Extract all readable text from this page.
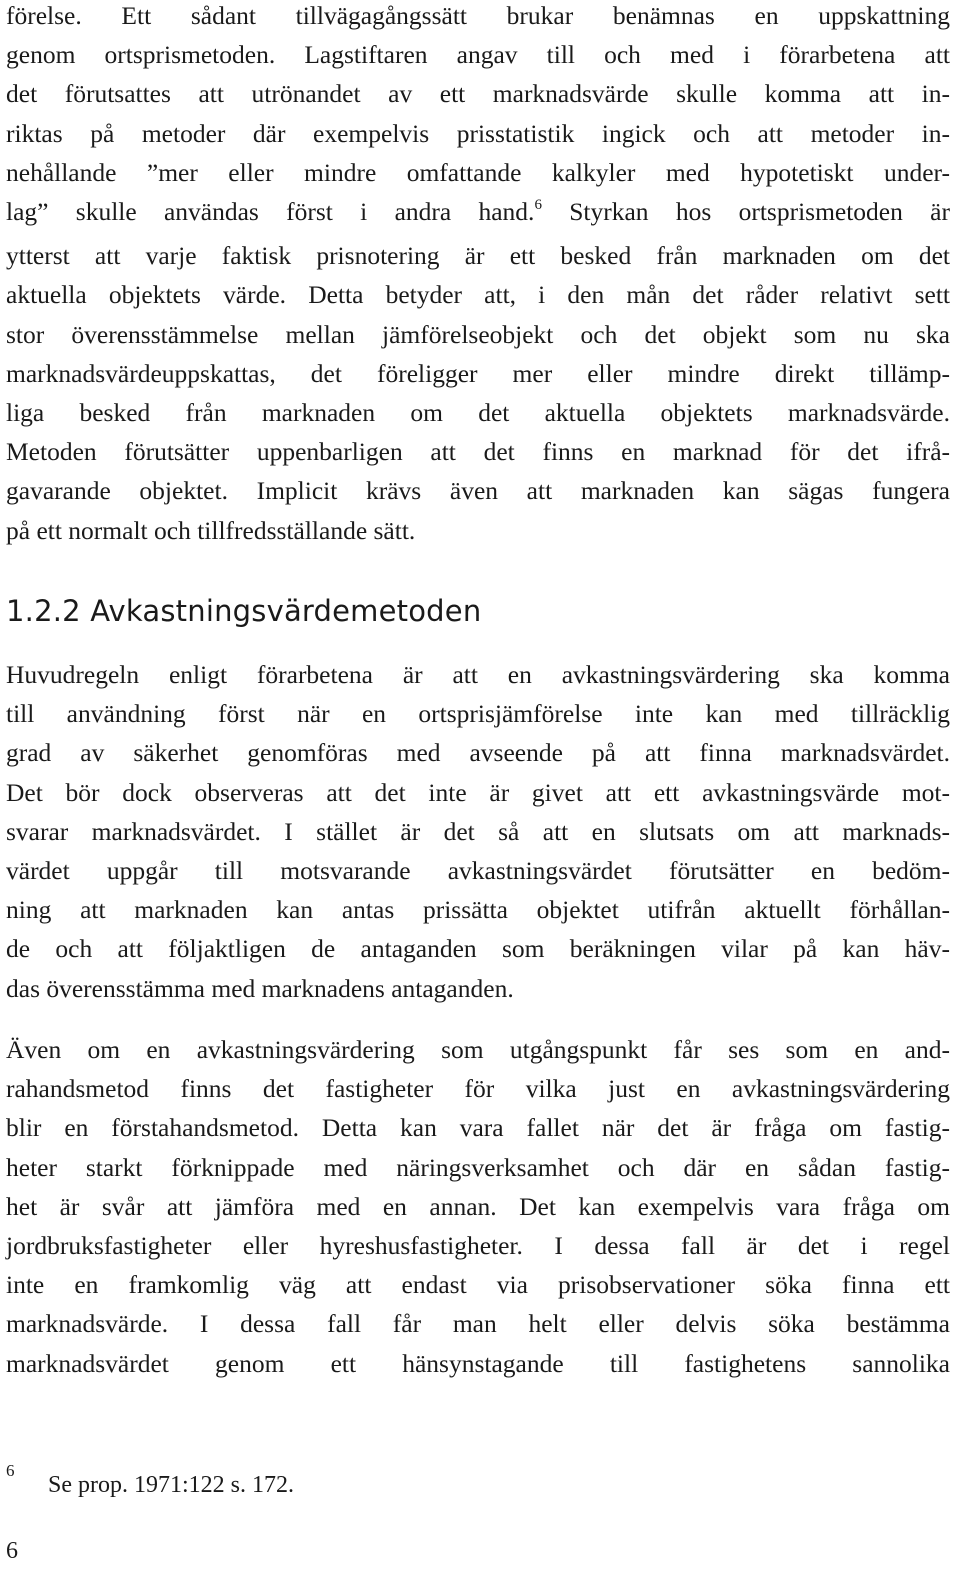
förelse. Ett sådant tillvägagångssätt brukar benämnas en uppskattning
genom ortsprismetoden. Lagstiftaren angav till och med i förarbetena att
det förutsattes att utrönandet av ett marknadsvärde skulle komma att in-
riktas på metoder där exempelvis prisstatistik ingick och att metoder in-
nehållande ”mer eller mindre omfattande kalkyler med hypotetiskt under-
lag” skulle användas först i andra hand.$^6$ Styrkan hos ortsprismetoden är
ytterst att varje faktisk prisnotering är ett besked från marknaden om det
aktuella objektets värde. Detta betyder att, i den mån det råder relativt sett
stor överensstämmelse mellan jämförelseobjekt och det objekt som nu ska
marknadsvärdeuppskattas, det föreligger mer eller mindre direkt tillämp-
liga besked från marknaden om det aktuella objektets marknadsvärde.
Metoden förutsätter uppenbarligen att det finns en marknad för det ifrå-
gavarande objektet. Implicit krävs även att marknaden kan sägas fungera
på ett normalt och tillfredsställande sätt.
1.2.2 Avkastningsvärdemetoden
Huvudregeln enligt förarbetena är att en avkastningsvärdering ska komma
till användning först när en ortsprisjämförelse inte kan med tillräcklig
grad av säkerhet genomföras med avseende på att finna marknadsvärdet.
Det bör dock observeras att det inte är givet att ett avkastningsvärde mot-
svarar marknadsvärdet. I stället är det så att en slutsats om att marknads-
värdet uppgår till motsvarande avkastningsvärdet förutsätter en bedöm-
ning att marknaden kan antas prissätta objektet utifrån aktuellt förhållan-
de och att följaktligen de antaganden som beräkningen vilar på kan häv-
das överensstämma med marknadens antaganden.
Även om en avkastningsvärdering som utgångspunkt får ses som en and-
rahandsmetod finns det fastigheter för vilka just en avkastningsvärdering
blir en förstahandsmetod. Detta kan vara fallet när det är fråga om fastig-
heter starkt förknippade med näringsverksamhet och där en sådan fastig-
het är svår att jämföra med en annan. Det kan exempelvis vara fråga om
jordbruksfastigheter eller hyreshusfastigheter. I dessa fall är det i regel
inte en framkomlig väg att endast via prisobservationer söka finna ett
marknadsvärde. I dessa fall får man helt eller delvis söka bestämma
marknadsvärdet genom ett hänsynstagande till fastighetens sannolika
6
Se prop. 1971:122 s. 172.
6
